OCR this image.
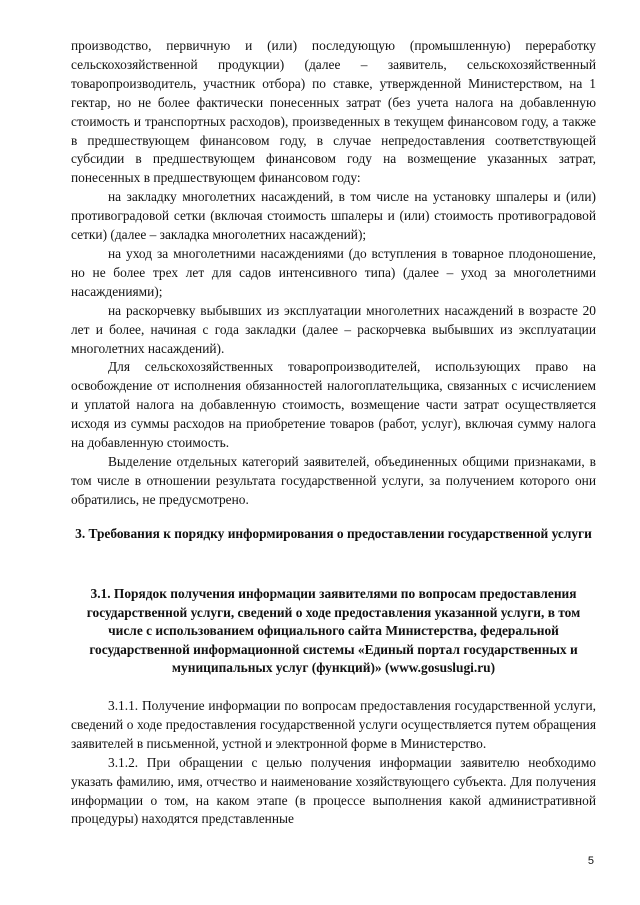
производство, первичную и (или) последующую (промышленную) переработку сельскохозяйственной продукции) (далее – заявитель, сельскохозяйственный товаропроизводитель, участник отбора) по ставке, утвержденной Министерством, на 1 гектар, но не более фактически понесенных затрат (без учета налога на добавленную стоимость и транспортных расходов), произведенных в текущем финансовом году, а также в предшествующем финансовом году, в случае непредоставления соответствующей субсидии в предшествующем финансовом году на возмещение указанных затрат, понесенных в предшествующем финансовом году:

на закладку многолетних насаждений, в том числе на установку шпалеры и (или) противоградовой сетки (включая стоимость шпалеры и (или) стоимость противоградовой сетки) (далее – закладка многолетних насаждений);

на уход за многолетними насаждениями (до вступления в товарное плодоношение, но не более трех лет для садов интенсивного типа) (далее – уход за многолетними насаждениями);

на раскорчевку выбывших из эксплуатации многолетних насаждений в возрасте 20 лет и более, начиная с года закладки (далее – раскорчевка выбывших из эксплуатации многолетних насаждений).

Для сельскохозяйственных товаропроизводителей, использующих право на освобождение от исполнения обязанностей налогоплательщика, связанных с исчислением и уплатой налога на добавленную стоимость, возмещение части затрат осуществляется исходя из суммы расходов на приобретение товаров (работ, услуг), включая сумму налога на добавленную стоимость.

Выделение отдельных категорий заявителей, объединенных общими признаками, в том числе в отношении результата государственной услуги, за получением которого они обратились, не предусмотрено.

3. Требования к порядку информирования о предоставлении государственной услуги
3.1. Порядок получения информации заявителями по вопросам предоставления государственной услуги, сведений о ходе предоставления указанной услуги, в том числе с использованием официального сайта Министерства, федеральной государственной информационной системы «Единый портал государственных и муниципальных услуг (функций)» (www.gosuslugi.ru)

3.1.1. Получение информации по вопросам предоставления государственной услуги, сведений о ходе предоставления государственной услуги осуществляется путем обращения заявителей в письменной, устной и электронной форме в Министерство.

3.1.2. При обращении с целью получения информации заявителю необходимо указать фамилию, имя, отчество и наименование хозяйствующего субъекта. Для получения информации о том, на каком этапе (в процессе выполнения какой административной процедуры) находятся представленные

5
